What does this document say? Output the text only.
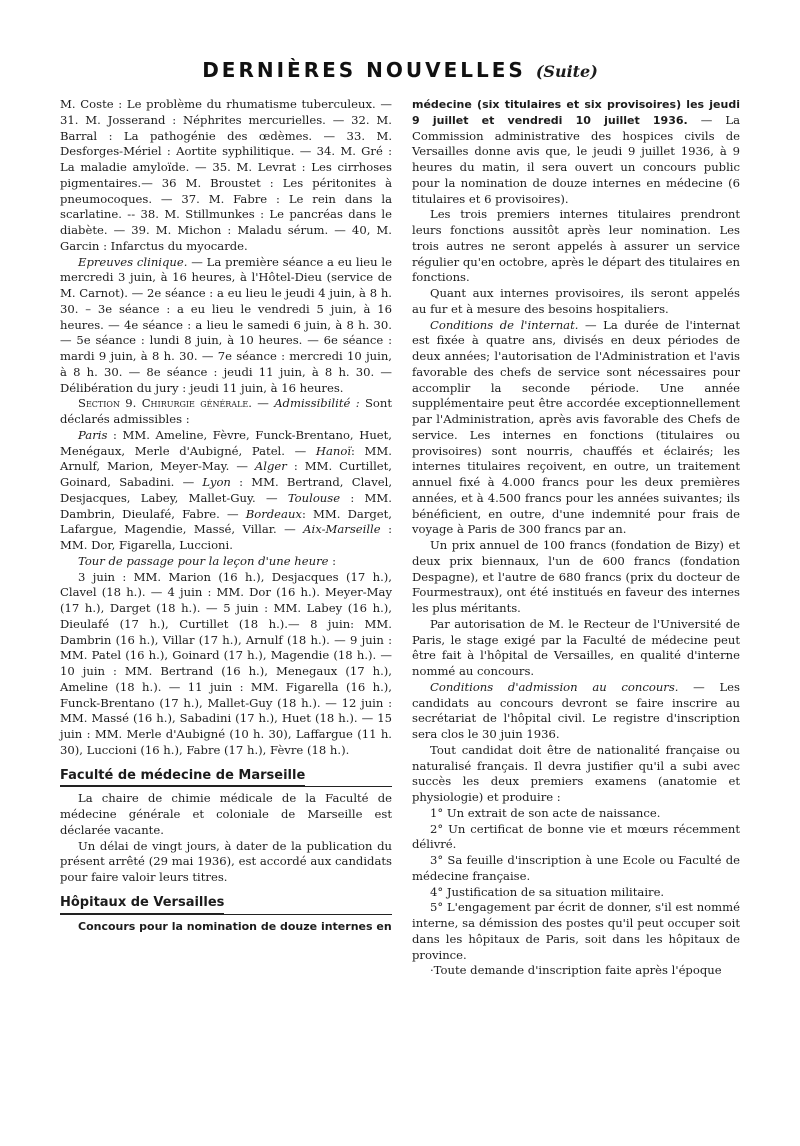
DERNIÈRES NOUVELLES (Suite)

M. Coste : Le problème du rhumatisme tuberculeux. — 31. M. Josserand : Néphrites mercurielles. — 32. M. Barral : La pathogénie des œdèmes. — 33. M. Desforges-Mériel : Aortite syphilitique. — 34. M. Gré : La maladie amyloïde. — 35. M. Levrat : Les cirrhoses pigmentaires.— 36 M. Broustet : Les péritonites à pneumocoques. — 37. M. Fabre : Le rein dans la scarlatine. -- 38. M. Stillmunkes : Le pancréas dans le diabète. — 39. M. Michon : Maladu sérum. — 40, M. Garcin : Infarctus du myocarde.

Epreuves clinique. — La première séance a eu lieu le mercredi 3 juin, à 16 heures, à l'Hôtel-Dieu (service de M. Carnot). — 2e séance : a eu lieu le jeudi 4 juin, à 8 h. 30. – 3e séance : a eu lieu le vendredi 5 juin, à 16 heures. — 4e séance : a lieu le samedi 6 juin, à 8 h. 30. — 5e séance : lundi 8 juin, à 10 heures. — 6e séance : mardi 9 juin, à 8 h. 30. — 7e séance : mercredi 10 juin, à 8 h. 30. — 8e séance : jeudi 11 juin, à 8 h. 30. — Délibération du jury : jeudi 11 juin, à 16 heures.

Section 9. Chirurgie générale. — Admissibilité : Sont déclarés admissibles :

Paris : MM. Ameline, Fèvre, Funck-Brentano, Huet, Menégaux, Merle d'Aubigné, Patel. — Hanoï: MM. Arnulf, Marion, Meyer-May. — Alger : MM. Curtillet, Goinard, Sabadini. — Lyon : MM. Bertrand, Clavel, Desjacques, Labey, Mallet-Guy. — Toulouse : MM. Dambrin, Dieulafé, Fabre. — Bordeaux: MM. Darget, Lafargue, Magendie, Massé, Villar. — Aix-Marseille : MM. Dor, Figarella, Luccioni.

Tour de passage pour la leçon d'une heure :

3 juin : MM. Marion (16 h.), Desjacques (17 h.), Clavel (18 h.). — 4 juin : MM. Dor (16 h.). Meyer-May (17 h.), Darget (18 h.). — 5 juin : MM. Labey (16 h.), Dieulafé (17 h.), Curtillet (18 h.).— 8 juin: MM. Dambrin (16 h.), Villar (17 h.), Arnulf (18 h.). — 9 juin : MM. Patel (16 h.), Goinard (17 h.), Magendie (18 h.). — 10 juin : MM. Bertrand (16 h.), Menegaux (17 h.), Ameline (18 h.). — 11 juin : MM. Figarella (16 h.), Funck-Brentano (17 h.), Mallet-Guy (18 h.). — 12 juin : MM. Massé (16 h.), Sabadini (17 h.), Huet (18 h.). — 15 juin : MM. Merle d'Aubigné (10 h. 30), Laffargue (11 h. 30), Luccioni (16 h.), Fabre (17 h.), Fèvre (18 h.).

Faculté de médecine de Marseille

La chaire de chimie médicale de la Faculté de médecine générale et coloniale de Marseille est déclarée vacante.

Un délai de vingt jours, à dater de la publication du présent arrêté (29 mai 1936), est accordé aux candidats pour faire valoir leurs titres.

Hôpitaux de Versailles

Concours pour la nomination de douze internes en

médecine (six titulaires et six provisoires) les jeudi 9 juillet et vendredi 10 juillet 1936. — La Commission administrative des hospices civils de Versailles donne avis que, le jeudi 9 juillet 1936, à 9 heures du matin, il sera ouvert un concours public pour la nomination de douze internes en médecine (6 titulaires et 6 provisoires).

Les trois premiers internes titulaires prendront leurs fonctions aussitôt après leur nomination. Les trois autres ne seront appelés à assurer un service régulier qu'en octobre, après le départ des titulaires en fonctions.

Quant aux internes provisoires, ils seront appelés au fur et à mesure des besoins hospitaliers.

Conditions de l'internat. — La durée de l'internat est fixée à quatre ans, divisés en deux périodes de deux années; l'autorisation de l'Administration et l'avis favorable des chefs de service sont nécessaires pour accomplir la seconde période. Une année supplémentaire peut être accordée exceptionnellement par l'Administration, après avis favorable des Chefs de service. Les internes en fonctions (titulaires ou provisoires) sont nourris, chauffés et éclairés; les internes titulaires reçoivent, en outre, un traitement annuel fixé à 4.000 francs pour les deux premières années, et à 4.500 francs pour les années suivantes; ils bénéficient, en outre, d'une indemnité pour frais de voyage à Paris de 300 francs par an.

Un prix annuel de 100 francs (fondation de Bizy) et deux prix biennaux, l'un de 600 francs (fondation Despagne), et l'autre de 680 francs (prix du docteur de Fourmestraux), ont été institués en faveur des internes les plus méritants.

Par autorisation de M. le Recteur de l'Université de Paris, le stage exigé par la Faculté de médecine peut être fait à l'hôpital de Versailles, en qualité d'interne nommé au concours.

Conditions d'admission au concours. — Les candidats au concours devront se faire inscrire au secrétariat de l'hôpital civil. Le registre d'inscription sera clos le 30 juin 1936.

Tout candidat doit être de nationalité française ou naturalisé français. Il devra justifier qu'il a subi avec succès les deux premiers examens (anatomie et physiologie) et produire :

1° Un extrait de son acte de naissance.

2° Un certificat de bonne vie et mœurs récemment délivré.

3° Sa feuille d'inscription à une Ecole ou Faculté de médecine française.

4° Justification de sa situation militaire.

5° L'engagement par écrit de donner, s'il est nommé interne, sa démission des postes qu'il peut occuper soit dans les hôpitaux de Paris, soit dans les hôpitaux de province.

·Toute demande d'inscription faite après l'époque
